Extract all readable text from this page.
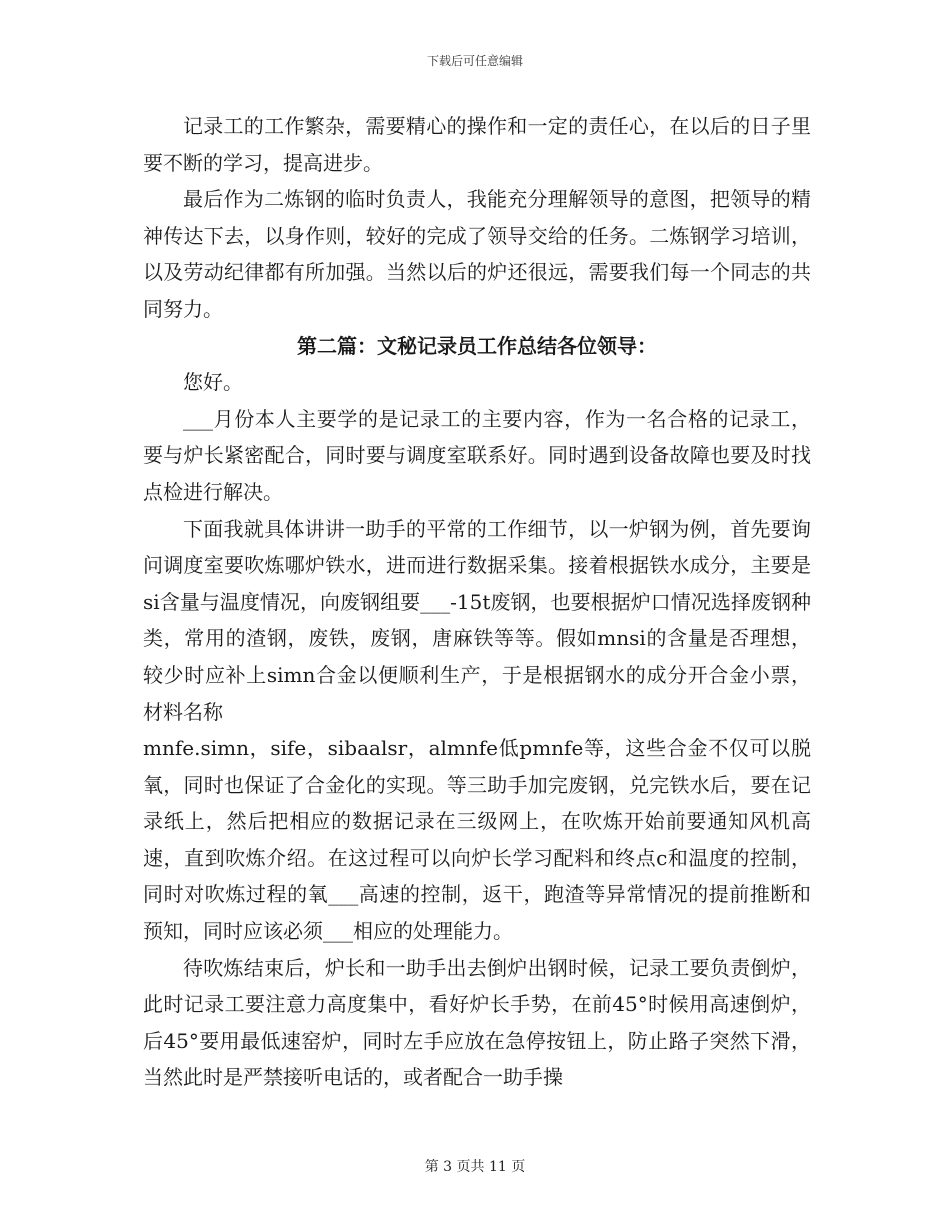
下载后可任意编辑

记录工的工作繁杂，需要精心的操作和一定的责任心，在以后的日子里要不断的学习，提高进步。

最后作为二炼钢的临时负责人，我能充分理解领导的意图，把领导的精神传达下去，以身作则，较好的完成了领导交给的任务。二炼钢学习培训，以及劳动纪律都有所加强。当然以后的炉还很远，需要我们每一个同志的共同努力。

第二篇：文秘记录员工作总结各位领导：

您好。

___月份本人主要学的是记录工的主要内容，作为一名合格的记录工，要与炉长紧密配合，同时要与调度室联系好。同时遇到设备故障也要及时找点检进行解决。

下面我就具体讲讲一助手的平常的工作细节，以一炉钢为例，首先要询问调度室要吹炼哪炉铁水，进而进行数据采集。接着根据铁水成分，主要是si含量与温度情况，向废钢组要___-15t废钢，也要根据炉口情况选择废钢种类，常用的渣钢，废铁，废钢，唐麻铁等等。假如mnsi的含量是否理想，较少时应补上simn合金以便顺利生产，于是根据钢水的成分开合金小票，材料名称

mnfe.simn，sife，sibaalsr，almnfe低pmnfe等，这些合金不仅可以脱氧，同时也保证了合金化的实现。等三助手加完废钢，兑完铁水后，要在记录纸上，然后把相应的数据记录在三级网上，在吹炼开始前要通知风机高速，直到吹炼介绍。在这过程可以向炉长学习配料和终点c和温度的控制，同时对吹炼过程的氧___高速的控制，返干，跑渣等异常情况的提前推断和预知，同时应该必须___相应的处理能力。

待吹炼结束后，炉长和一助手出去倒炉出钢时候，记录工要负责倒炉，此时记录工要注意力高度集中，看好炉长手势，在前45°时候用高速倒炉，后45°要用最低速窑炉，同时左手应放在急停按钮上，防止路子突然下滑，当然此时是严禁接听电话的，或者配合一助手操

第 3 页共 11 页
